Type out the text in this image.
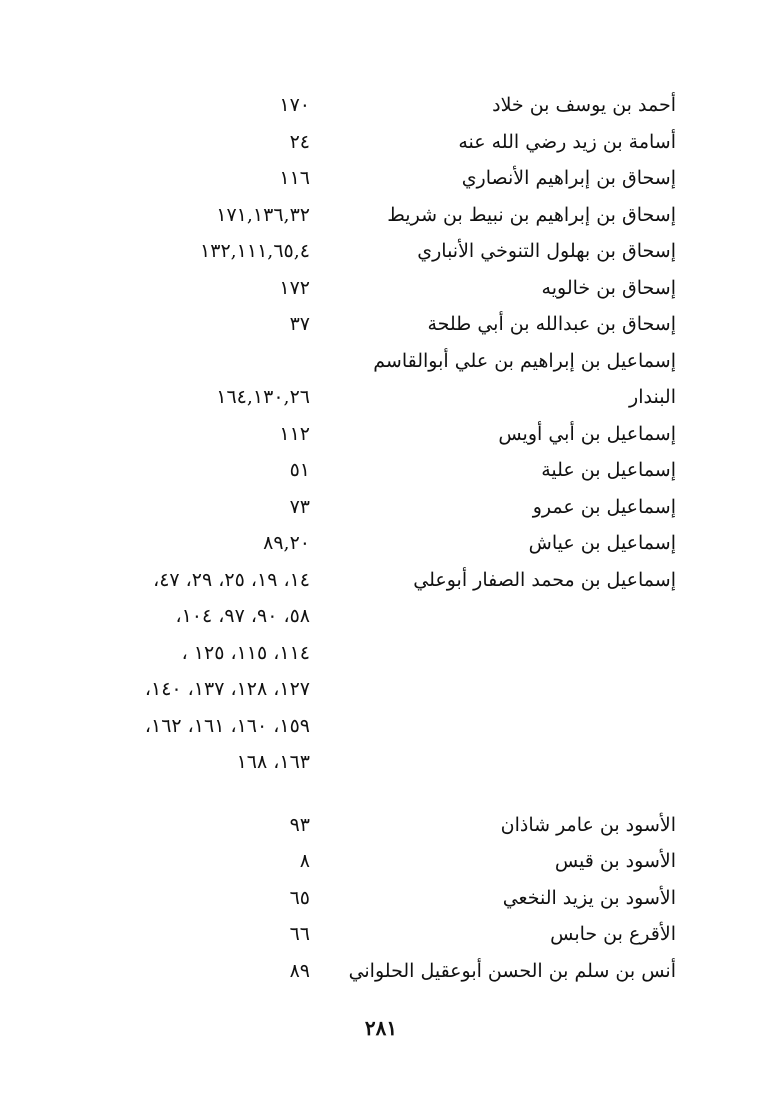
أحمد بن يوسف بن خلاد
١٧٠
أسامة بن زيد رضي الله عنه
٢٤
إسحاق بن إبراهيم الأنصاري
١١٦
إسحاق بن إبراهيم بن نبيط بن شريط
١٧١,١٣٦,٣٢
إسحاق بن بهلول التنوخي الأنباري
١٣٢,١١١,٦٥,٤
إسحاق بن خالويه
١٧٢
إسحاق بن عبدالله بن أبي طلحة
٣٧
إسماعيل بن إبراهيم بن علي أبوالقاسم
البندار
١٦٤,١٣٠,٢٦
إسماعيل بن أبي أويس
١١٢
إسماعيل بن علية
٥١
إسماعيل بن عمرو
٧٣
إسماعيل بن عياش
٨٩,٢٠
إسماعيل بن محمد الصفار أبوعلي
١٤، ١٩، ٢٥، ٢٩، ٤٧،
٥٨، ٩٠، ٩٧، ١٠٤،
١١٤، ١١٥، ١٢٥ ،
١٢٧، ١٢٨، ١٣٧، ١٤٠،
١٥٩، ١٦٠، ١٦١، ١٦٢،
١٦٣، ١٦٨
الأسود بن عامر شاذان
٩٣
الأسود بن قيس
٨
الأسود بن يزيد النخعي
٦٥
الأقرع بن حابس
٦٦
أنس بن سلم بن الحسن أبوعقيل الحلواني
٨٩
٢٨١
